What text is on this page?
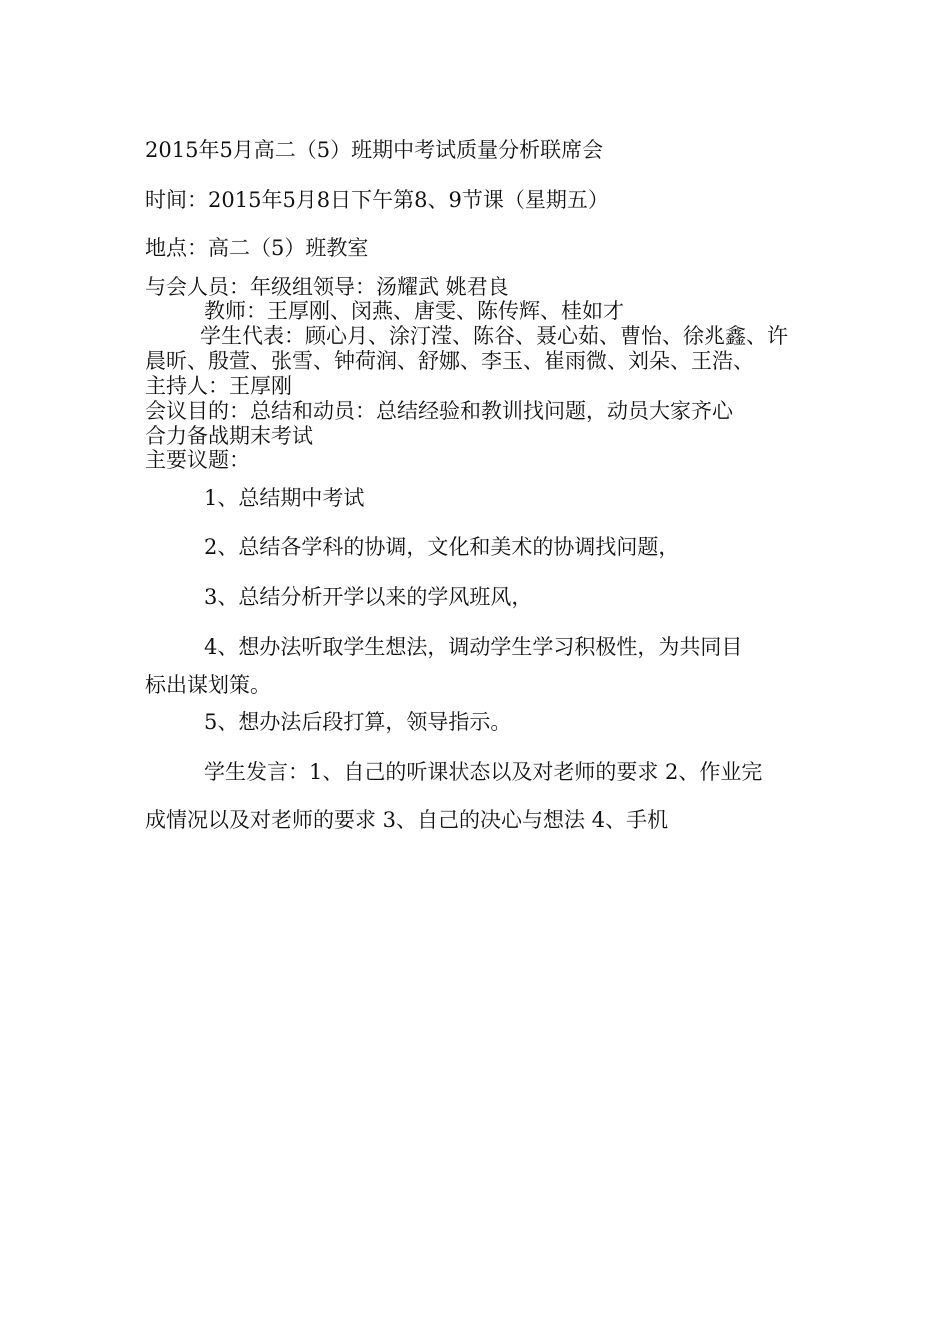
2015年5月高二（5）班期中考试质量分析联席会
时间：2015年5月8日下午第8、9节课（星期五）
地点：高二（5）班教室
与会人员：年级组领导：汤耀武 姚君良
教师：王厚刚、闵燕、唐雯、陈传辉、桂如才
学生代表：顾心月、涂汀滢、陈谷、聂心茹、曹怡、徐兆鑫、许
晨昕、殷萱、张雪、钟荷润、舒娜、李玉、崔雨微、刘朵、王浩、
主持人：王厚刚
会议目的：总结和动员：总结经验和教训找问题，动员大家齐心
合力备战期末考试
主要议题：
1、总结期中考试
2、总结各学科的协调，文化和美术的协调找问题，
3、总结分析开学以来的学风班风，
4、想办法听取学生想法，调动学生学习积极性，为共同目
标出谋划策。
5、想办法后段打算，领导指示。
学生发言：1、自己的听课状态以及对老师的要求 2、作业完
成情况以及对老师的要求 3、自己的决心与想法 4、手机
